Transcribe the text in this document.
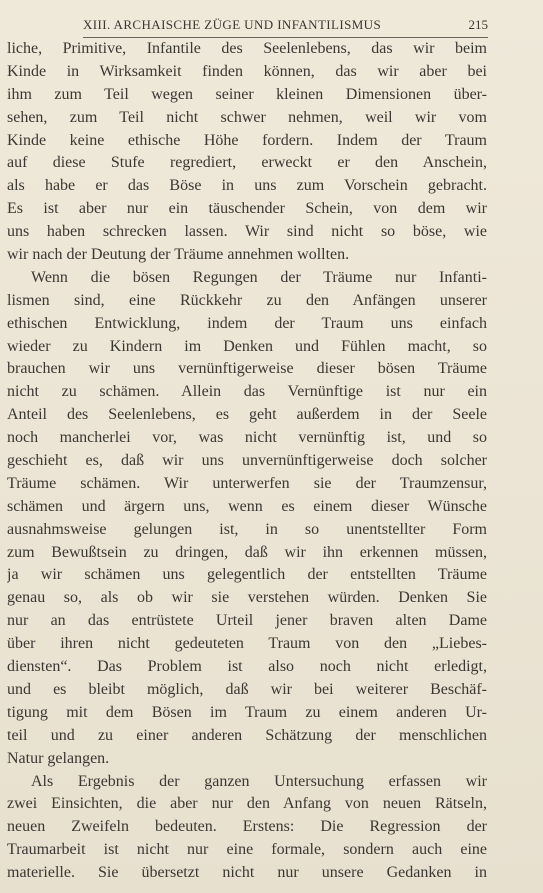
XIII. ARCHAISCHE ZÜGE UND INFANTILISMUS	215
liche, Primitive, Infantile des Seelenlebens, das wir beim
Kinde in Wirksamkeit finden können, das wir aber bei
ihm zum Teil wegen seiner kleinen Dimensionen über-
sehen, zum Teil nicht schwer nehmen, weil wir vom
Kinde keine ethische Höhe fordern. Indem der Traum
auf diese Stufe regrediert, erweckt er den Anschein,
als habe er das Böse in uns zum Vorschein gebracht.
Es ist aber nur ein täuschender Schein, von dem wir
uns haben schrecken lassen. Wir sind nicht so böse, wie
wir nach der Deutung der Träume annehmen wollten.
Wenn die bösen Regungen der Träume nur Infanti-
lismen sind, eine Rückkehr zu den Anfängen unserer
ethischen Entwicklung, indem der Traum uns einfach
wieder zu Kindern im Denken und Fühlen macht, so
brauchen wir uns vernünftigerweise dieser bösen Träume
nicht zu schämen. Allein das Vernünftige ist nur ein
Anteil des Seelenlebens, es geht außerdem in der Seele
noch mancherlei vor, was nicht vernünftig ist, und so
geschieht es, daß wir uns unvernünftigerweise doch solcher
Träume schämen. Wir unterwerfen sie der Traumzensur,
schämen und ärgern uns, wenn es einem dieser Wünsche
ausnahmsweise gelungen ist, in so unentstellter Form
zum Bewußtsein zu dringen, daß wir ihn erkennen müssen,
ja wir schämen uns gelegentlich der entstellten Träume
genau so, als ob wir sie verstehen würden. Denken Sie
nur an das entrüstete Urteil jener braven alten Dame
über ihren nicht gedeuteten Traum von den „Liebes-
diensten“. Das Problem ist also noch nicht erledigt,
und es bleibt möglich, daß wir bei weiterer Beschäf-
tigung mit dem Bösen im Traum zu einem anderen Ur-
teil und zu einer anderen Schätzung der menschlichen
Natur gelangen.
Als Ergebnis der ganzen Untersuchung erfassen wir
zwei Einsichten, die aber nur den Anfang von neuen Rätseln,
neuen Zweifeln bedeuten. Erstens: Die Regression der
Traumarbeit ist nicht nur eine formale, sondern auch eine
materielle. Sie übersetzt nicht nur unsere Gedanken in
